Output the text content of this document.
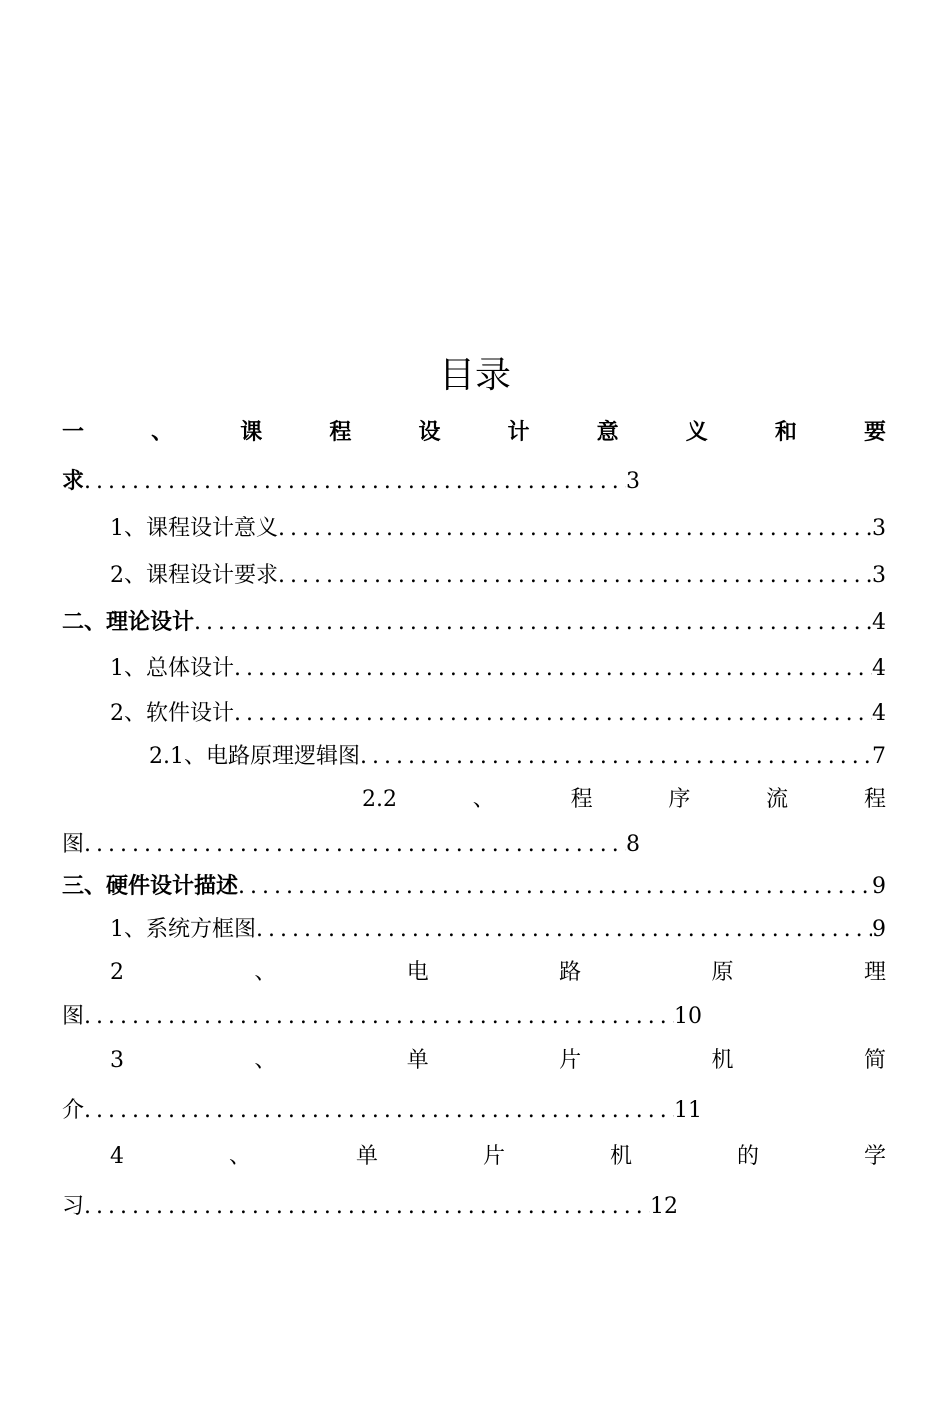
目录
一	、	课	程	设	计	意	义	和	要
求 .....	3
1、课程设计意义 .....	3
2、课程设计要求 .....	3
二、理论设计 .....	4
1、总体设计 .....	4
2、软件设计 .....	4
2.1、电路原理逻辑图 .....	7
2.2	、	程	序	流	程
图 .....	8
三、硬件设计描述 .....	9
1、系统方框图 .....	9
2	、	电	路	原	理
图 .....	10
3	、	单	片	机	简
介 .....	11
4	、	单	片	机	的	学
习 .....	12
